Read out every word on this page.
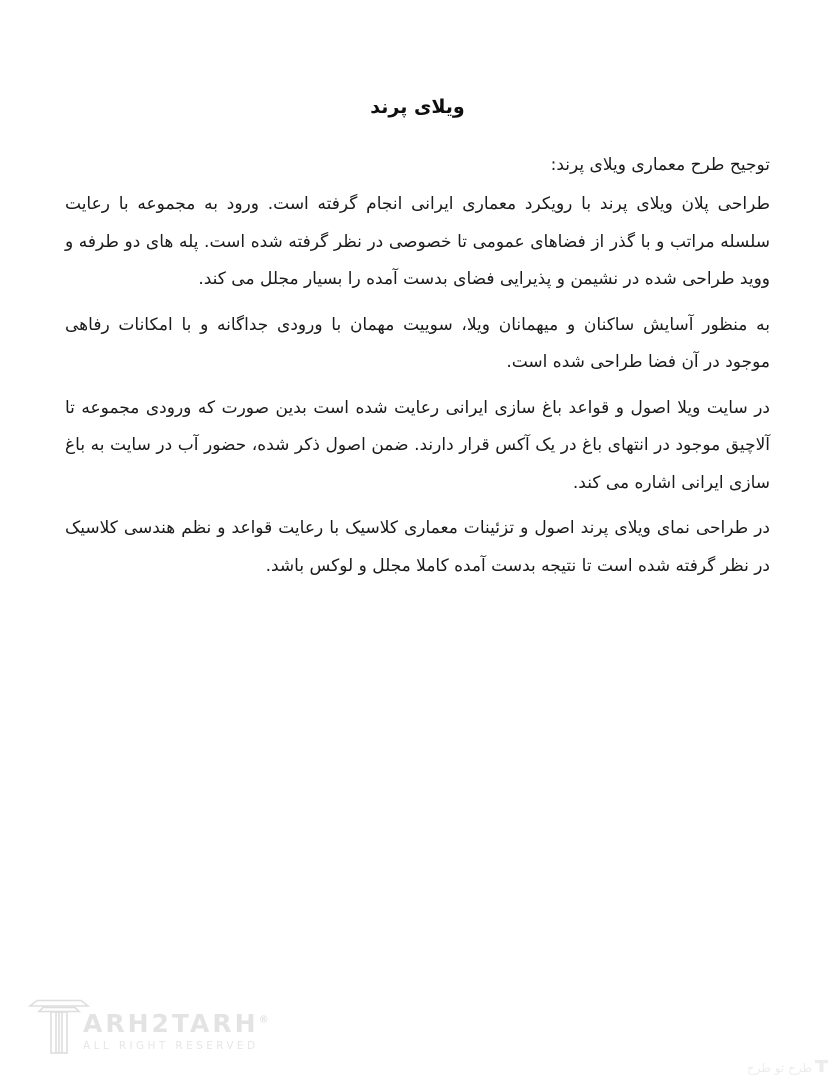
ویلای پرند

توجیح طرح معماری ویلای پرند:

طراحی پلان ویلای پرند با رویکرد معماری ایرانی انجام گرفته است. ورود به مجموعه با رعایت سلسله مراتب و با گذر از فضاهای عمومی تا خصوصی در نظر گرفته شده است. پله های دو طرفه و ووید طراحی شده در نشیمن و پذیرایی فضای بدست آمده را بسیار مجلل می کند.

به منظور آسایش ساکنان و میهمانان ویلا، سوییت مهمان با ورودی جداگانه و با امکانات رفاهی موجود در آن فضا طراحی شده است.

در سایت ویلا اصول و قواعد باغ سازی ایرانی رعایت شده است بدین صورت که ورودی مجموعه تا آلاچیق موجود در انتهای باغ در یک آکس قرار دارند. ضمن اصول ذکر شده، حضور آب در سایت به باغ سازی ایرانی اشاره می کند.

در طراحی نمای ویلای پرند اصول و تزئینات معماری کلاسیک با رعایت قواعد و نظم هندسی کلاسیک در نظر گرفته شده است تا نتیجه بدست آمده کاملا مجلل و لوکس باشد.

ARH2TARH®
ALL RIGHT RESERVED
طرح تو طرح
